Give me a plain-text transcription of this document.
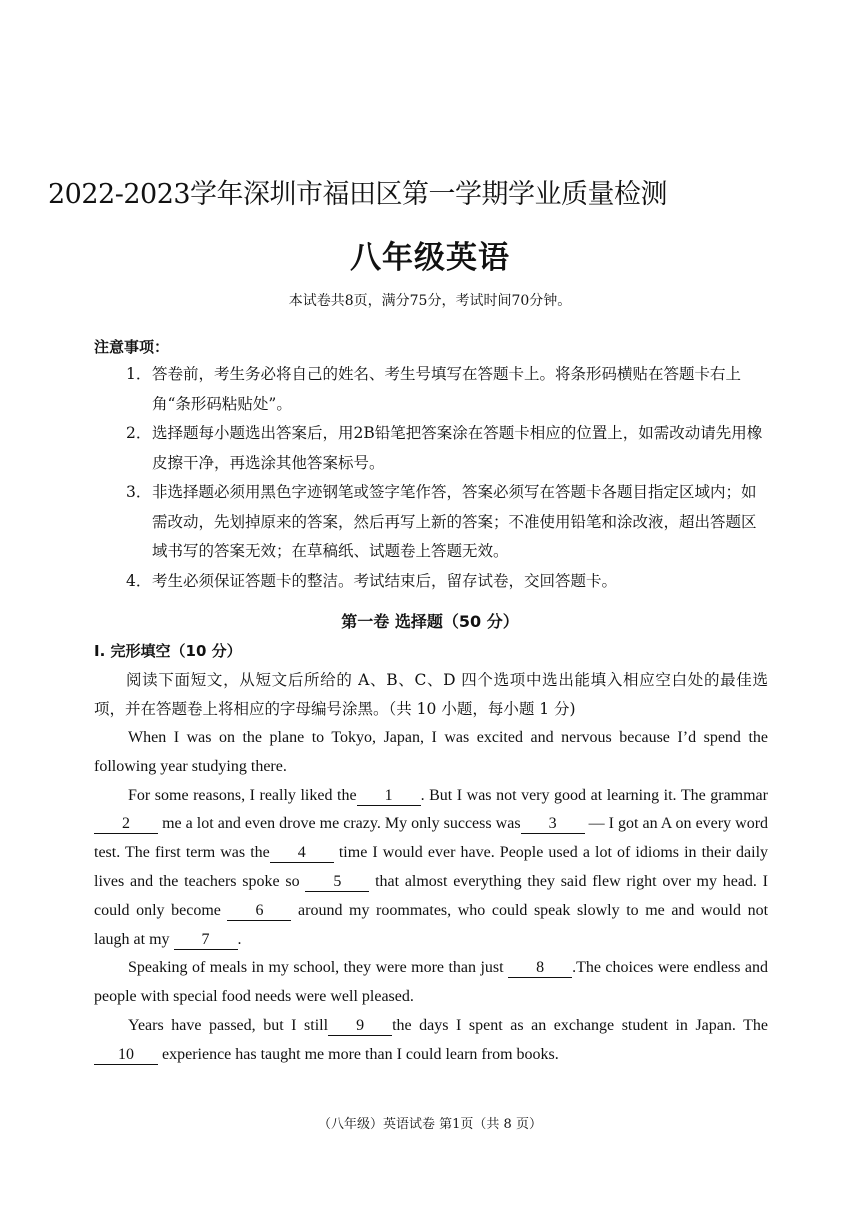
2022-2023学年深圳市福田区第一学期学业质量检测
八年级英语
本试卷共8页，满分75分，考试时间70分钟。
注意事项：
1． 答卷前，考生务必将自己的姓名、考生号填写在答题卡上。将条形码横贴在答题卡右上角“条形码粘贴处”。
2． 选择题每小题选出答案后，用2B铅笔把答案涂在答题卡相应的位置上，如需改动请先用橡皮擦干净，再选涂其他答案标号。
3． 非选择题必须用黑色字迹钢笔或签字笔作答，答案必须写在答题卡各题目指定区域内；如需改动，先划掉原来的答案，然后再写上新的答案；不准使用铅笔和涂改液，超出答题区域书写的答案无效；在草稿纸、试题卷上答题无效。
4． 考生必须保证答题卡的整洁。考试结束后，留存试卷，交回答题卡。
第一卷 选择题（50 分）
I. 完形填空（10 分）
阅读下面短文，从短文后所给的 A、B、C、D 四个选项中选出能填入相应空白处的最佳选项，并在答题卷上将相应的字母编号涂黑。（共 10 小题，每小题 1 分)

When I was on the plane to Tokyo, Japan, I was excited and nervous because I’d spend the following year studying there.

For some reasons, I really liked the 1 . But I was not very good at learning it. The grammar2 me a lot and even drove me crazy. My only success was 3 — I got an A on every word test. The first term was the 4 time I would ever have. People used a lot of idioms in their daily lives and the teachers spoke so 5 that almost everything they said flew right over my head. I could only become 6 around my roommates, who could speak slowly to me and would not laugh at my 7 .

Speaking of meals in my school, they were more than just 8 .The choices were endless and people with special food needs were well pleased.

Years have passed, but I still 9 the days I spent as an exchange student in Japan. The 10 experience has taught me more than I could learn from books.

（八年级）英语试卷 第1页（共 8 页）
